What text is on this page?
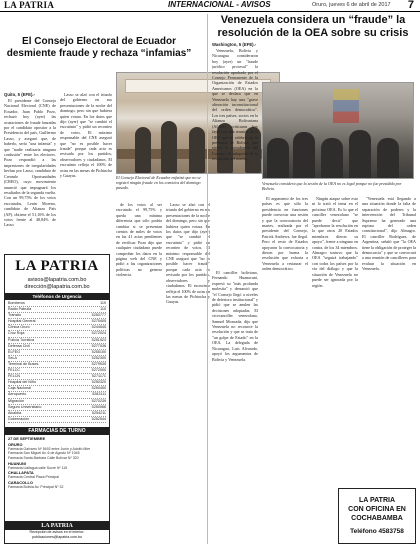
LA PATRIA	INTERNACIONAL - AVISOS	Oruro, jueves 6 de abril de 2017 7
El Consejo Electoral de Ecuador desmiente fraude y rechaza “infamias”
Quito, 5 (EFE).-

El presidente del Consejo Nacional Electoral (CNE) de Ecuador, Juan Pablo Pozo, rechazó hoy (ayer) las acusaciones de fraude lanzadas por el candidato opositor a la Presidencia del país, Guillermo Lasso, y aseguró que, de haberlo, sería "una infamia" y que "nadie realizaría ninguna confusión" entre los electores. Pozo respondió a las impresiones de irregularidades hechas por Lasso, candidato de Creando Oportunidades (CREO), cuyo movimiento anunció que impugnará los resultados de la segunda vuelta. Con un 99,75% de los votos escrutados, Lenín Moreno, candidato de Alianza País (AP), obtiene el 51,16% de los votos frente al 48,84% de Lasso.

Lasso se alzó con el triunfo del gobierno en sus presentaciones de la noche del domingo, pero sin que hubiera quien votara. En los datos que dijo (ayer) que "se cambió el escrutinio" y pidió un reconteo de votos. El máximo responsable del CNE aseguró que "no es posible hacer fraude" porque cada acta es revisada por los partidos, observadores y ciudadanos. El escrutinio refleja el 100% de actas en las mesas de Pichincha y Guayas.	El Consejo Electoral de Ecuador enfatizó que no se registró ningún fraude en los comicios del domingo pasado.

de los votos al ser escrutado el 99,75% y queda una mínima diferencia que sólo podría cambiar si se presentan cientos de miles de votos en las 41 actas pendientes de verificar. Pozo dijo que cualquier ciudadano puede comprobar los datos en la página web del CNE y pidió a las organizaciones políticas no generar violencia.

Lasso se alzó con el triunfo del gobierno en sus presentaciones de la noche del domingo, pero sin que hubiera quien votara. En los datos que dijo (ayer) que "se cambió el escrutinio" y pidió un reconteo de votos. El máximo responsable del CNE aseguró que "no es posible hacer fraude" porque cada acta es revisada por los partidos, observadores y ciudadanos. El escrutinio refleja el 100% de actas en las mesas de Pichincha y Guayas.

Venezuela considera un “fraude” la resolución de la OEA sobre su crisis
Washington, 5 (EFE).-

Venezuela, Bolivia y Nicaragua consideraron hoy (ayer) un "fraude jurídico procesal" la resolución aprobada por el Consejo Permanente de la Organización de Estados Americanos (OEA) en la que se declara que en Venezuela hay una "grave alteración inconstitucional del orden democrático". Los tres países, socios en la Alianza Bolivariana (ALBA), criticaron hoy (ayer) en una reunión de la OEA que se celebró sin la presencia de Bolivia, que ejerce la presidencia del Consejo, la adopción de la resolución del martes.

Venezuela considera que la sesión de la OEA no es legal porque no fue presidida por Bolivia.

El canciller boliviano, Fernando Huanacuni, expresó su "más profunda molestia" y denunció que "el Consejo llegó a niveles de deterioro institucional" y pidió que se anulen las decisiones adoptadas. El vicecanciller venezolano, Samuel Moncada, dijo que Venezuela no reconoce la resolución y que se trata de "un golpe de Estado" en la OEA. La delegada de Nicaragua, Luis Alvarado, apoyó los argumentos de Bolivia y Venezuela.

El argumento de los tres países es que sólo la presidencia en funciones puede convocar una sesión y que la convocatoria del martes, realizada por el presidente del Consejo, Patrick Andrews, fue ilegal. Pero el resto de Estados apoyaron la convocatoria y dieron por buena la resolución que exhorta a Venezuela a restaurar el orden democrático.

Ningún ataque sobre esto ni lo trató el tema en el próximo OEA. Es lo que el canciller venezolano "se puede decir" que "aprobaron la resolución en la que otros 20 Estados miembros dieron su apoyo", frente a ninguno en contra, de los 34 miembros. Almagro sostuvo que la OEA "seguirá trabajando" con todos los países por la vía del diálogo y que la situación de Venezuela no puede ser ignorada por la región.

"Venezuela está llegando a una situación donde la falta de separación de poderes y la intervención del Tribunal Supremo ha generado una ruptura del orden constitucional", dijo Almagro. El canciller Rodríguez, de Argentina, señaló que "la OEA tiene la obligación de proteger la democracia" y que se convocará a una reunión de cancilleres para evaluar la situación en Venezuela.

LA PATRIA
avisos@lapatria.com.bo
dirección@lapatria.com.bo
Teléfonos de Urgencia
Bomberos	119
Radio Patrulla	110
Tránsito	5250777
Hospital General	5275405
Clínica Oruro	5244545
Cruz Roja	5272024
Policía Turística	5251923
Defensa Civil	5277036
ELFEO	5255100
SeLA	5252300
Terminal de Buses	5279535
FELCC	5272000
FELCN	5271171
Hospital del Niño	5250320
Caja Nacional	5250450
Aeropuerto	5283111
Migración	5270239
Seguro Universitario	5250066
Alcaldía	5254211
Gobernación	5252544
FARMACIAS DE TURNO
27 DE SEPTIEMBRE
ORURO
Farmacia Galvarro Nº 5492 entre Junín y Adolfo Mier
Farmacia San Miguel Av. 6 de Agosto Nº 1045
Farmacia Santa Bárbara Calle Bolívar Nº 320
HUANUNI
Farmacia Llallagua calle Sucre Nº 115
CHALLAPATA
Farmacia Central Plaza Principal
CARACOLLO
Farmacia Bolivia Av. Principal Nº 32
LA PATRIA
Recepción de avisos en el interior:
publicaciones@lapatria.com.bo
LA PATRIA
CON OFICINA EN
COCHABAMBA
Teléfono 4583758
